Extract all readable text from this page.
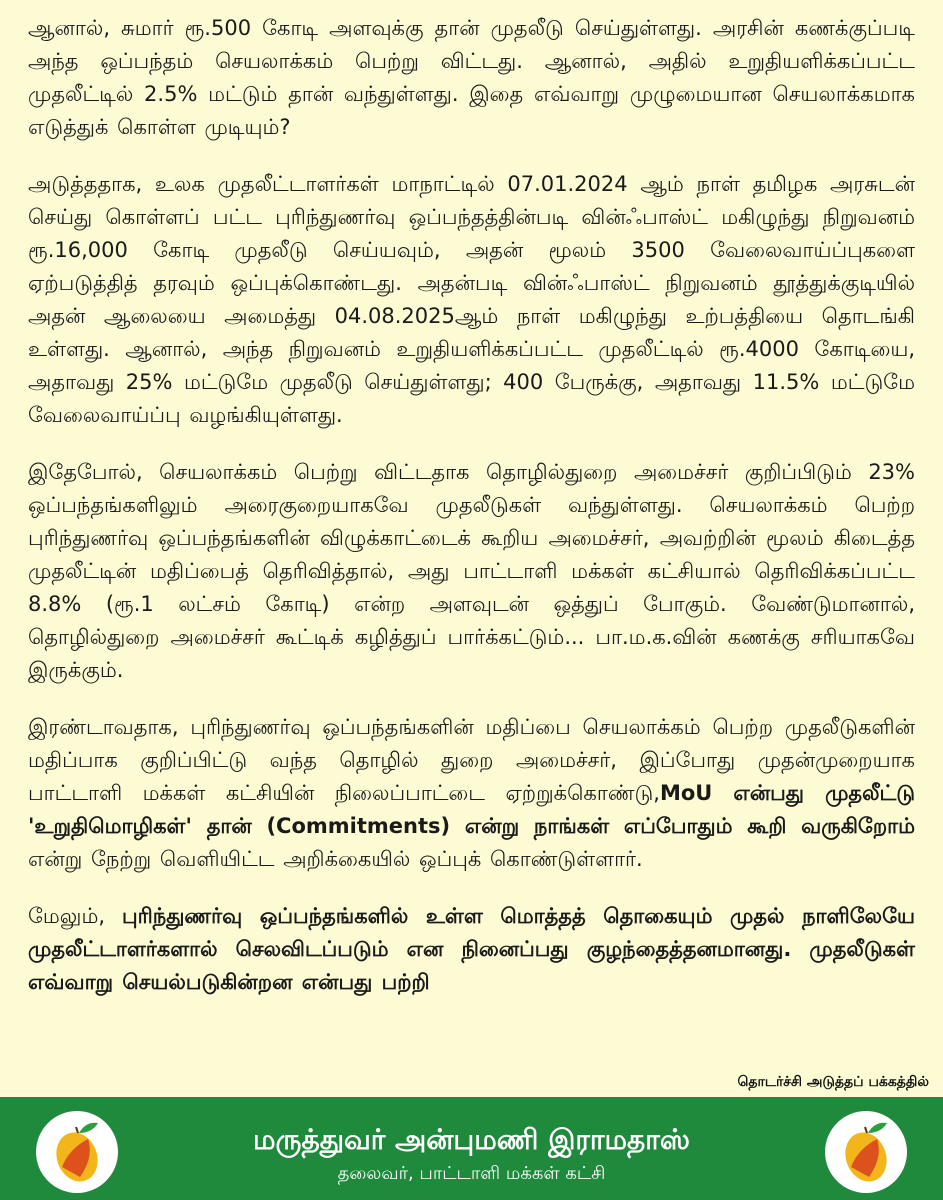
ஆனால், சுமார் ரூ.500 கோடி அளவுக்கு தான் முதலீடு செய்துள்ளது. அரசின் கணக்குப்படி அந்த ஒப்பந்தம் செயலாக்கம் பெற்று விட்டது. ஆனால், அதில் உறுதியளிக்கப்பட்ட முதலீட்டில் 2.5% மட்டும் தான் வந்துள்ளது. இதை எவ்வாறு முழுமையான செயலாக்கமாக எடுத்துக் கொள்ள முடியும்?

அடுத்ததாக, உலக முதலீட்டாளர்கள் மாநாட்டில் 07.01.2024 ஆம் நாள் தமிழக அரசுடன் செய்து கொள்ளப் பட்ட புரிந்துணர்வு ஒப்பந்தத்தின்படி வின்ஃபாஸ்ட் மகிழுந்து நிறுவனம் ரூ.16,000 கோடி முதலீடு செய்யவும், அதன் மூலம் 3500 வேலைவாய்ப்புகளை ஏற்படுத்தித் தரவும் ஒப்புக்கொண்டது. அதன்படி வின்ஃபாஸ்ட் நிறுவனம் தூத்துக்குடியில் அதன் ஆலையை அமைத்து 04.08.2025ஆம் நாள் மகிழுந்து உற்பத்தியை தொடங்கி உள்ளது. ஆனால், அந்த நிறுவனம் உறுதியளிக்கப்பட்ட முதலீட்டில் ரூ.4000 கோடியை, அதாவது 25% மட்டுமே முதலீடு செய்துள்ளது; 400 பேருக்கு, அதாவது 11.5% மட்டுமே வேலைவாய்ப்பு வழங்கியுள்ளது.

இதேபோல், செயலாக்கம் பெற்று விட்டதாக தொழில்துறை அமைச்சர் குறிப்பிடும் 23% ஒப்பந்தங்களிலும் அரைகுறையாகவே முதலீடுகள் வந்துள்ளது. செயலாக்கம் பெற்ற புரிந்துணர்வு ஒப்பந்தங்களின் விழுக்காட்டைக் கூறிய அமைச்சர், அவற்றின் மூலம் கிடைத்த முதலீட்டின் மதிப்பைத் தெரிவித்தால், அது பாட்டாளி மக்கள் கட்சியால் தெரிவிக்கப்பட்ட 8.8% (ரூ.1 லட்சம் கோடி) என்ற அளவுடன் ஒத்துப் போகும். வேண்டுமானால், தொழில்துறை அமைச்சர் கூட்டிக் கழித்துப் பார்க்கட்டும்... பா.ம.க.வின் கணக்கு சரியாகவே இருக்கும்.

இரண்டாவதாக, புரிந்துணர்வு ஒப்பந்தங்களின் மதிப்பை செயலாக்கம் பெற்ற முதலீடுகளின் மதிப்பாக குறிப்பிட்டு வந்த தொழில் துறை அமைச்சர், இப்போது முதன்முறையாக பாட்டாளி மக்கள் கட்சியின் நிலைப்பாட்டை ஏற்றுக்கொண்டு,MoU என்பது முதலீட்டு 'உறுதிமொழிகள்' தான் (Commitments) என்று நாங்கள் எப்போதும் கூறி வருகிறோம் என்று நேற்று வெளியிட்ட அறிக்கையில் ஒப்புக் கொண்டுள்ளார்.

மேலும், புரிந்துணர்வு ஒப்பந்தங்களில் உள்ள மொத்தத் தொகையும் முதல் நாளிலேயே முதலீட்டாளர்களால் செலவிடப்படும் என நினைப்பது குழந்தைத்தனமானது. முதலீடுகள் எவ்வாறு செயல்படுகின்றன என்பது பற்றி

தொடர்ச்சி அடுத்தப் பக்கத்தில்
மருத்துவர் அன்புமணி இராமதாஸ்
தலைவர், பாட்டாளி மக்கள் கட்சி
